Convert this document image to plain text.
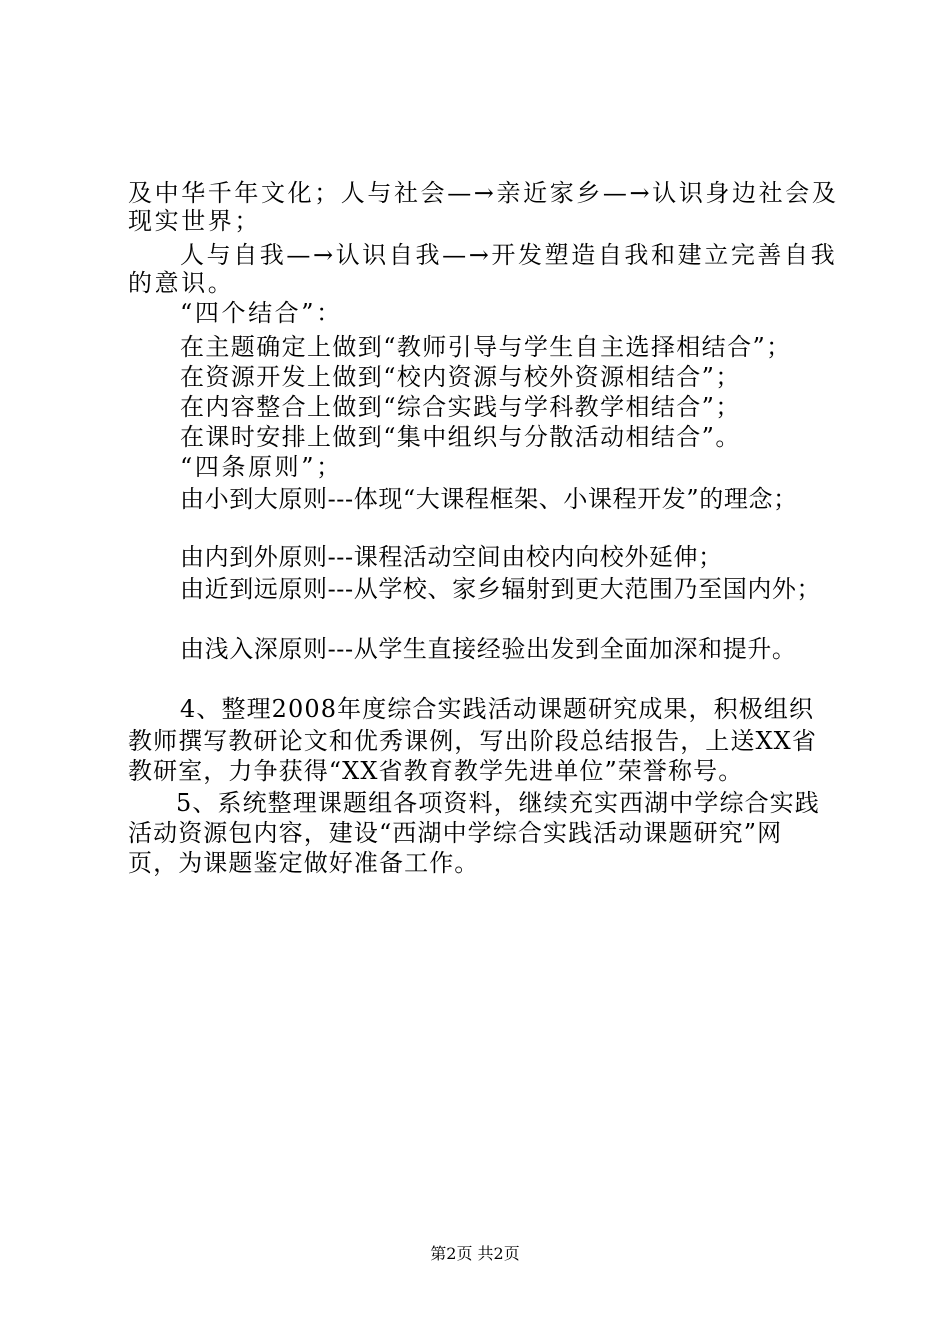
及中华千年文化；人与社会—→亲近家乡—→认识身边社会及
现实世界；
人与自我—→认识自我—→开发塑造自我和建立完善自我
的意识。
“四个结合”：
在主题确定上做到“教师引导与学生自主选择相结合”；
在资源开发上做到“校内资源与校外资源相结合”；
在内容整合上做到“综合实践与学科教学相结合”；
在课时安排上做到“集中组织与分散活动相结合”。
“四条原则”；
由小到大原则---体现“大课程框架、小课程开发”的理念；
由内到外原则---课程活动空间由校内向校外延伸；
由近到远原则---从学校、家乡辐射到更大范围乃至国内外；
由浅入深原则---从学生直接经验出发到全面加深和提升。
4、整理2008年度综合实践活动课题研究成果，积极组织
教师撰写教研论文和优秀课例，写出阶段总结报告，上送XX省
教研室，力争获得“XX省教育教学先进单位”荣誉称号。
5、系统整理课题组各项资料，继续充实西湖中学综合实践
活动资源包内容，建设“西湖中学综合实践活动课题研究”网
页，为课题鉴定做好准备工作。
第2页 共2页
